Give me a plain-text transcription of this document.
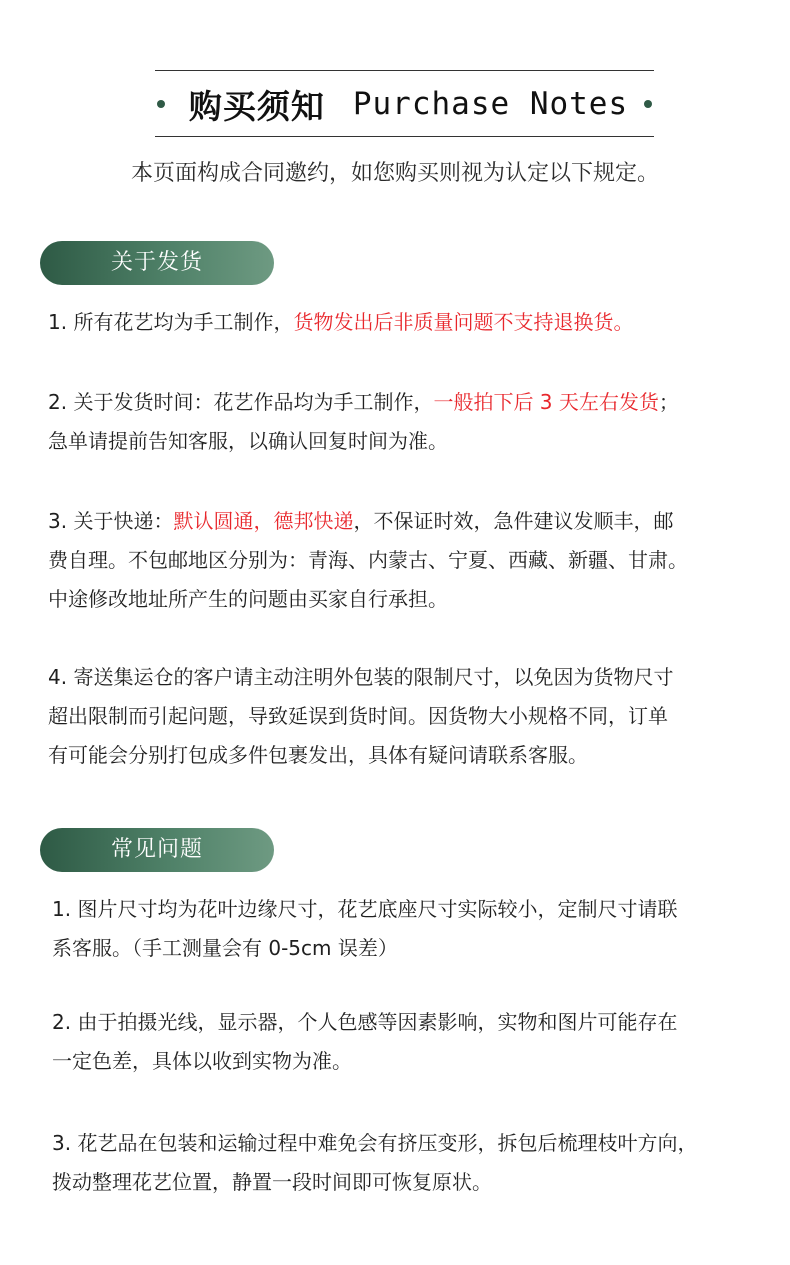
购买须知 Purchase Notes
本页面构成合同邀约，如您购买则视为认定以下规定。
关于发货
1. 所有花艺均为手工制作，货物发出后非质量问题不支持退换货。
2. 关于发货时间：花艺作品均为手工制作，一般拍下后 3 天左右发货；
急单请提前告知客服，以确认回复时间为准。
3. 关于快递：默认圆通，德邦快递，不保证时效，急件建议发顺丰，邮
费自理。不包邮地区分别为：青海、内蒙古、宁夏、西藏、新疆、甘肃。
中途修改地址所产生的问题由买家自行承担。
4. 寄送集运仓的客户请主动注明外包装的限制尺寸，以免因为货物尺寸
超出限制而引起问题，导致延误到货时间。因货物大小规格不同，订单
有可能会分别打包成多件包裹发出，具体有疑问请联系客服。
常见问题
1. 图片尺寸均为花叶边缘尺寸，花艺底座尺寸实际较小，定制尺寸请联
系客服。（手工测量会有 0-5cm 误差）
2. 由于拍摄光线，显示器，个人色感等因素影响，实物和图片可能存在
一定色差，具体以收到实物为准。
3. 花艺品在包装和运输过程中难免会有挤压变形，拆包后梳理枝叶方向，
拨动整理花艺位置，静置一段时间即可恢复原状。
